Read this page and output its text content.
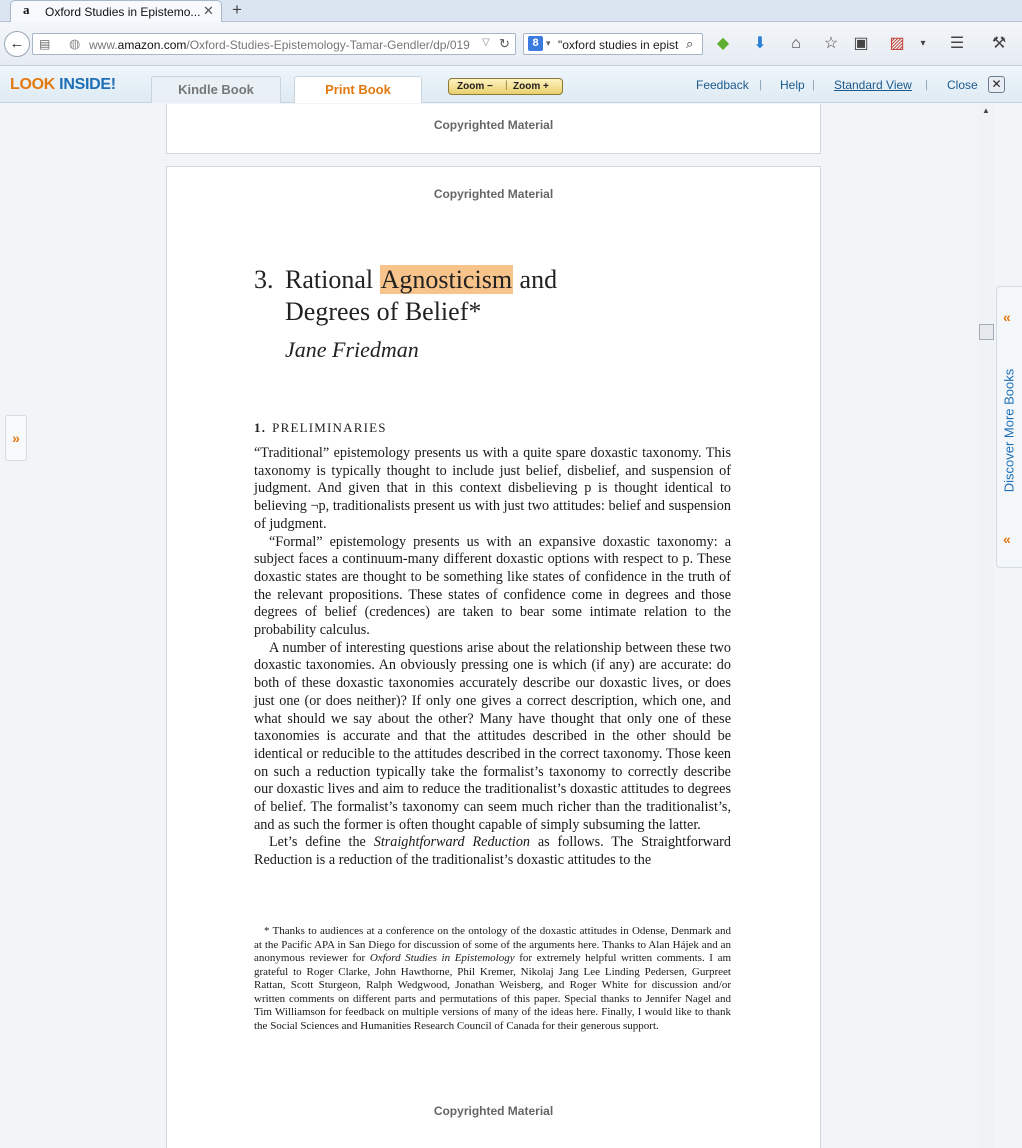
a Oxford Studies in Epistemo... ✕ +
←	▤ ◍ www.amazon.com/Oxford-Studies-Epistemology-Tamar-Gendler/dp/019	▽ ↻	8 ▾ "oxford studies in epist ⌕	◆	⬇	⌂	☆ ▣ ▨	▾	☰ ⚒
LOOK INSIDE!	Kindle Book	Print Book	Zoom − | Zoom +	Feedback | Help | Standard View | Close ✕
»
Copyrighted Material
Copyrighted Material
3. Rational Agnosticism and
Degrees of Belief*
Jane Friedman
1. PRELIMINARIES

“Traditional” epistemology presents us with a quite spare doxastic taxonomy. This taxonomy is typically thought to include just belief, disbelief, and suspension of judgment. And given that in this context disbelieving p is thought identical to believing ¬p, traditionalists present us with just two attitudes: belief and suspension of judgment.

“Formal” epistemology presents us with an expansive doxastic taxonomy: a subject faces a continuum-many different doxastic options with respect to p. These doxastic states are thought to be something like states of confidence in the truth of the relevant propositions. These states of confidence come in degrees and those degrees of belief (credences) are taken to bear some intimate relation to the probability calculus.

A number of interesting questions arise about the relationship between these two doxastic taxonomies. An obviously pressing one is which (if any) are accurate: do both of these doxastic taxonomies accurately describe our doxastic lives, or does just one (or does neither)? If only one gives a correct description, which one, and what should we say about the other? Many have thought that only one of these taxonomies is accurate and that the attitudes described in the other should be identical or reducible to the attitudes described in the correct taxonomy. Those keen on such a reduction typically take the formalist’s taxonomy to correctly describe our doxastic lives and aim to reduce the traditionalist’s doxastic attitudes to degrees of belief. The formalist’s taxonomy can seem much richer than the traditionalist’s, and as such the former is often thought capable of simply subsuming the latter.

Let’s define the Straightforward Reduction as follows. The Straightforward Reduction is a reduction of the traditionalist’s doxastic attitudes to the

* Thanks to audiences at a conference on the ontology of the doxastic attitudes in Odense, Denmark and at the Pacific APA in San Diego for discussion of some of the arguments here. Thanks to Alan Hájek and an anonymous reviewer for Oxford Studies in Epistemology for extremely helpful written comments. I am grateful to Roger Clarke, John Hawthorne, Phil Kremer, Nikolaj Jang Lee Linding Pedersen, Gurpreet Rattan, Scott Sturgeon, Ralph Wedgwood, Jonathan Weisberg, and Roger White for discussion and/or written comments on different parts and permutations of this paper. Special thanks to Jennifer Nagel and Tim Williamson for feedback on multiple versions of many of the ideas here. Finally, I would like to thank the Social Sciences and Humanities Research Council of Canada for their generous support.
Copyrighted Material
▲
«
Discover More Books
«
